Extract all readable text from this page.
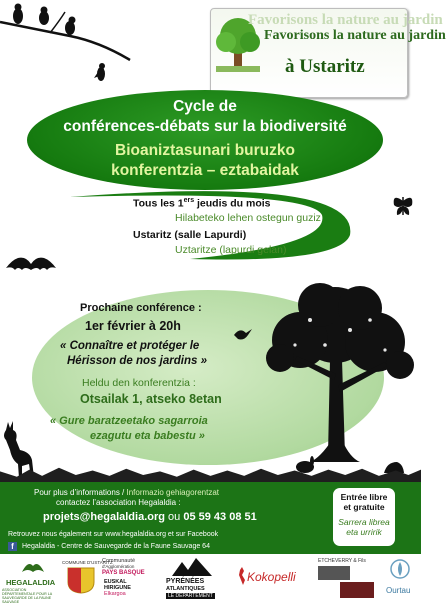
Favorisons la nature au jardin
Favorisons la nature au jardin
à Ustaritz
Cycle de
conférences-débats sur la biodiversité
Bioaniztasunari buruzko
konferentzia – eztabaidak
Tous les 1ers jeudis du mois
Hilabeteko lehen ostegun guziz
Ustaritz (salle Lapurdi)
Uztaritze (lapurdi gelan)
Prochaine conférence :
1er février à 20h
« Connaître et protéger le
Hérisson de nos jardins »
Heldu den konferentzia :
Otsailak 1, atseko 8etan
« Gure baratzeetako sagarroia
ezagutu eta babestu »
Pour plus d’informations / Informazio gehiagorentzat
contactez l’association Hegalaldia :
projets@hegalaldia.org ou 05 59 43 08 51
Retrouvez nous également sur www.hegalaldia.org et sur Facebook
f	Hegalaldia - Centre de Sauvegarde de la Faune Sauvage 64
Entrée libre
et gratuite
Sarrera librea
eta urririk
HEGALALDIA
ASSOCIATION DÉPARTEMENTALE POUR LA SAUVEGARDE DE LA FAUNE SAUVAGE
COMMUNE D'USTARITZ
Communauté
d'Agglomération
PAYS BASQUE
EUSKAL
HIRIGUNE
Elkargoa
PYRÉNÉES
ATLANTIQUES
LE DÉPARTEMENT
Kokopelli
ETCHEVERRY & Fils
Ourtau
